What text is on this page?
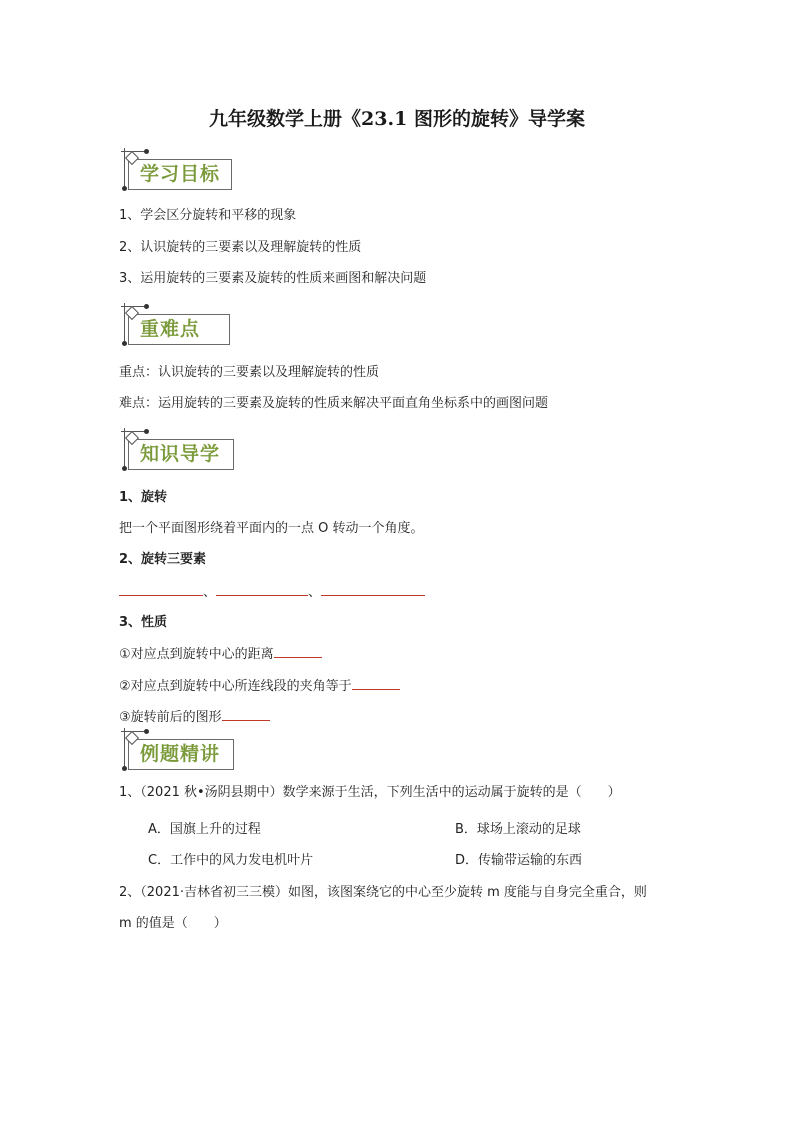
九年级数学上册《23.1 图形的旋转》导学案
学习目标
1、学会区分旋转和平移的现象
2、认识旋转的三要素以及理解旋转的性质
3、运用旋转的三要素及旋转的性质来画图和解决问题
重难点
重点：认识旋转的三要素以及理解旋转的性质
难点：运用旋转的三要素及旋转的性质来解决平面直角坐标系中的画图问题
知识导学
1、旋转
把一个平面图形绕着平面内的一点 O 转动一个角度。
2、旋转三要素
、	、
3、性质
①对应点到旋转中心的距离
②对应点到旋转中心所连线段的夹角等于
③旋转前后的图形
例题精讲
1、（2021 秋•汤阴县期中）数学来源于生活，下列生活中的运动属于旋转的是（　　）
A．国旗上升的过程	B．球场上滚动的足球
C．工作中的风力发电机叶片	D．传输带运输的东西
2、（2021·吉林省初三三模）如图，该图案绕它的中心至少旋转 m 度能与自身完全重合，则
m 的值是（　　）
